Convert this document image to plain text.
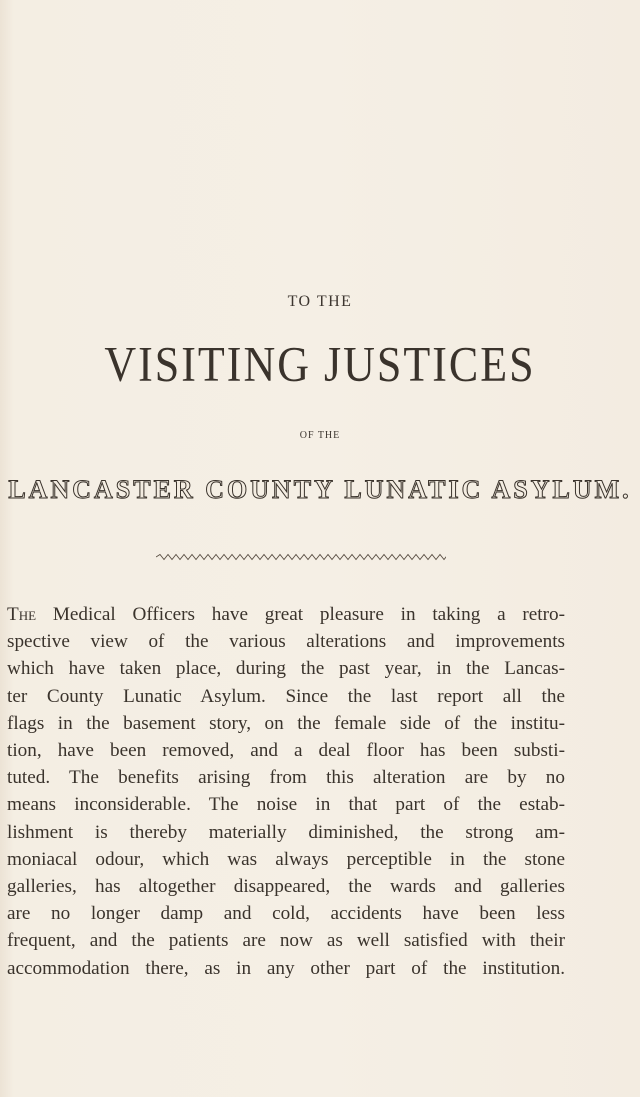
TO THE
VISITING JUSTICES
OF THE
LANCASTER COUNTY LUNATIC ASYLUM.
The Medical Officers have great pleasure in taking a retro-
spective view of the various alterations and improvements
which have taken place, during the past year, in the Lancas-
ter County Lunatic Asylum. Since the last report all the
flags in the basement story, on the female side of the institu-
tion, have been removed, and a deal floor has been substi-
tuted. The benefits arising from this alteration are by no
means inconsiderable. The noise in that part of the estab-
lishment is thereby materially diminished, the strong am-
moniacal odour, which was always perceptible in the stone
galleries, has altogether disappeared, the wards and galleries
are no longer damp and cold, accidents have been less
frequent, and the patients are now as well satisfied with their
accommodation there, as in any other part of the institution.
